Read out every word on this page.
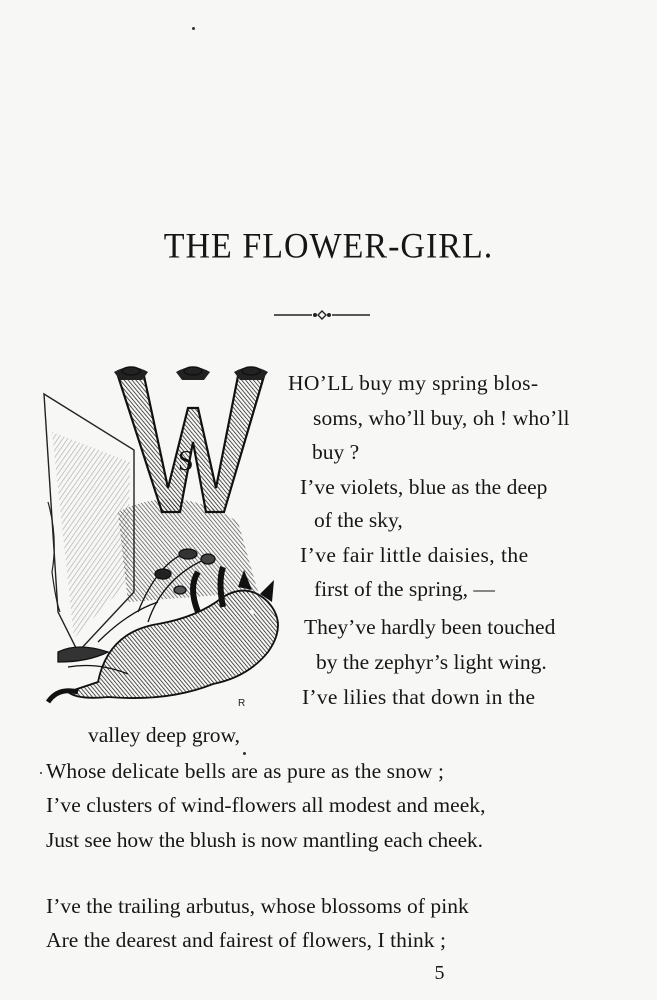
THE FLOWER-GIRL.
S
R
HO’LL buy my spring blos-
soms, who’ll buy, oh ! who’ll
buy ?
I’ve violets, blue as the deep
of the sky,
I’ve fair little daisies, the
first of the spring, —
They’ve hardly been touched
by the zephyr’s light wing.
I’ve lilies that down in the
valley deep grow,
Whose delicate bells are as pure as the snow ;
I’ve clusters of wind-flowers all modest and meek,
Just see how the blush is now mantling each cheek.
I’ve the trailing arbutus, whose blossoms of pink
Are the dearest and fairest of flowers, I think ;
5
